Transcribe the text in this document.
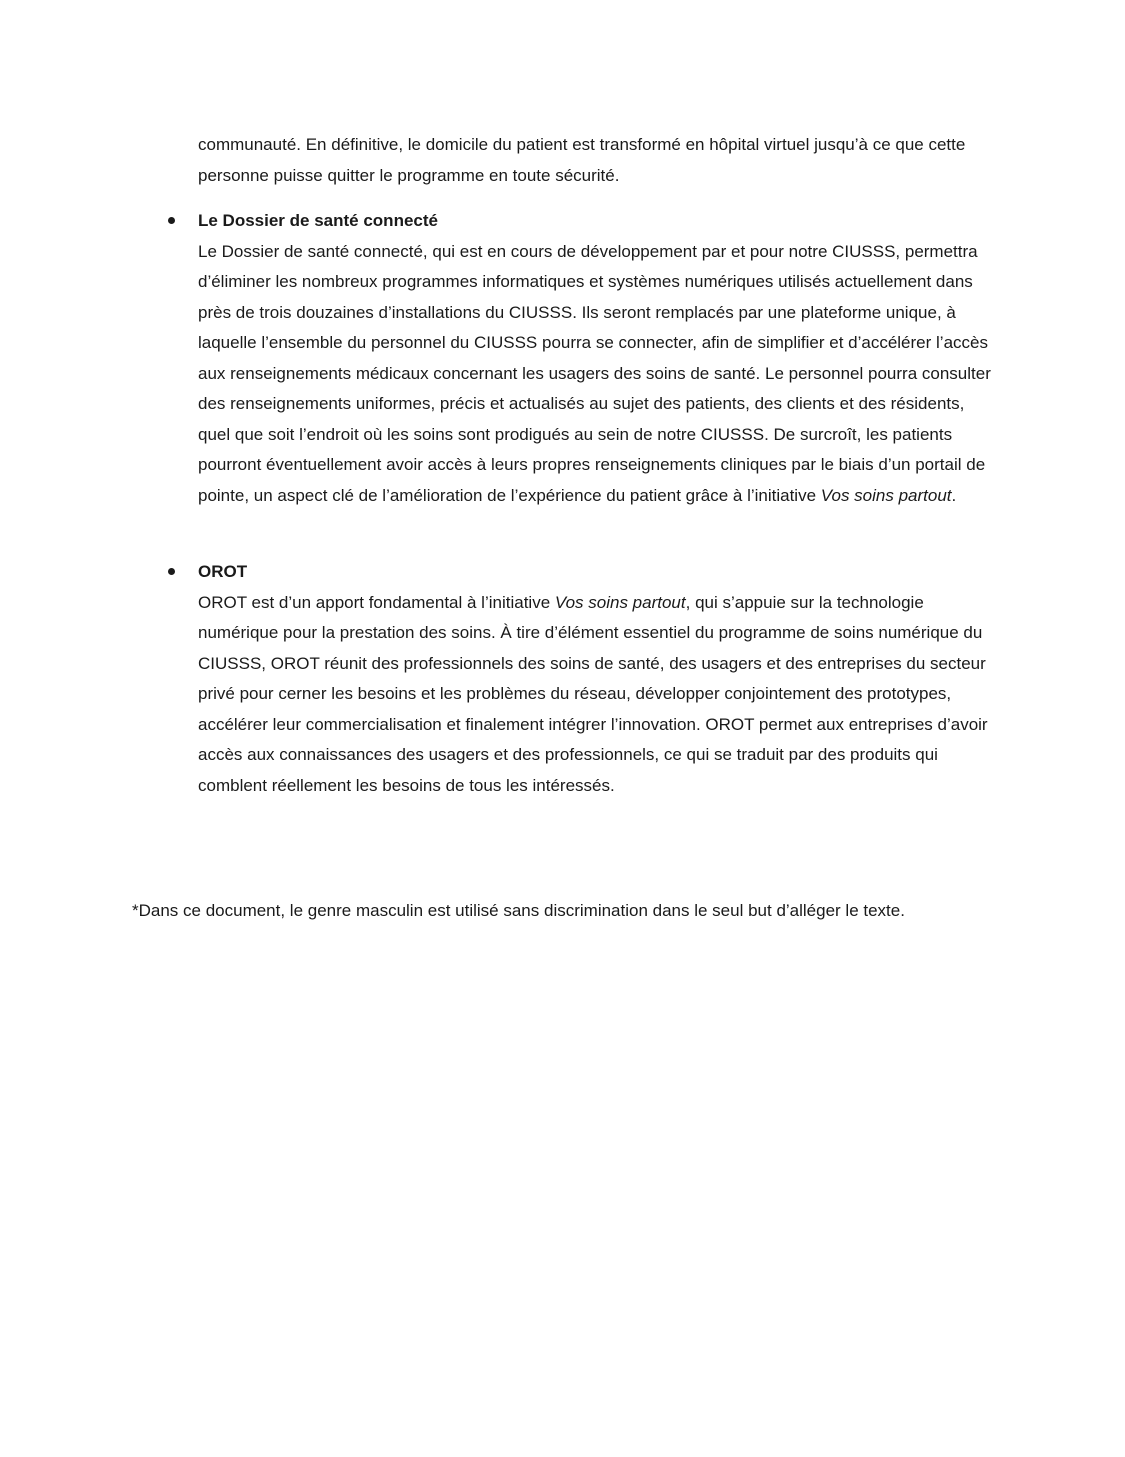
communauté. En définitive, le domicile du patient est transformé en hôpital virtuel jusqu’à ce que cette personne puisse quitter le programme en toute sécurité.

Le Dossier de santé connecté

Le Dossier de santé connecté, qui est en cours de développement par et pour notre CIUSSS, permettra d’éliminer les nombreux programmes informatiques et systèmes numériques utilisés actuellement dans près de trois douzaines d’installations du CIUSSS. Ils seront remplacés par une plateforme unique, à laquelle l’ensemble du personnel du CIUSSS pourra se connecter, afin de simplifier et d’accélérer l’accès aux renseignements médicaux concernant les usagers des soins de santé. Le personnel pourra consulter des renseignements uniformes, précis et actualisés au sujet des patients, des clients et des résidents, quel que soit l’endroit où les soins sont prodigués au sein de notre CIUSSS. De surcroît, les patients pourront éventuellement avoir accès à leurs propres renseignements cliniques par le biais d’un portail de pointe, un aspect clé de l’amélioration de l’expérience du patient grâce à l’initiative Vos soins partout.

OROT

OROT est d’un apport fondamental à l’initiative Vos soins partout, qui s’appuie sur la technologie numérique pour la prestation des soins. À tire d’élément essentiel du programme de soins numérique du CIUSSS, OROT réunit des professionnels des soins de santé, des usagers et des entreprises du secteur privé pour cerner les besoins et les problèmes du réseau, développer conjointement des prototypes, accélérer leur commercialisation et finalement intégrer l’innovation. OROT permet aux entreprises d’avoir accès aux connaissances des usagers et des professionnels, ce qui se traduit par des produits qui comblent réellement les besoins de tous les intéressés.

*Dans ce document, le genre masculin est utilisé sans discrimination dans le seul but d’alléger le texte.
